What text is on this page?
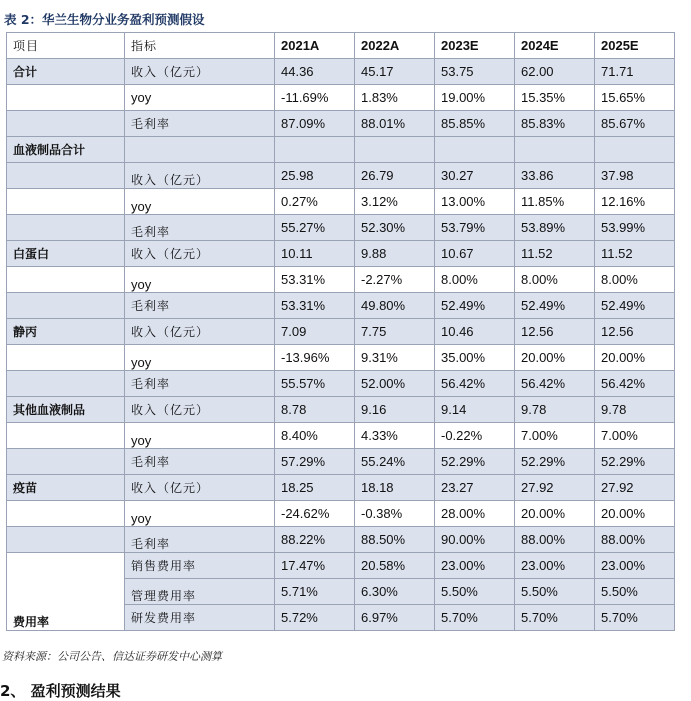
表 2：华兰生物分业务盈利预测假设
项目	指标	2021A	2022A	2023E	2024E	2025E
合计	收入（亿元）	44.36	45.17	53.75	62.00	71.71
	yoy	-11.69%	1.83%	19.00%	15.35%	15.65%
	毛利率	87.09%	88.01%	85.85%	85.83%	85.67%
血液制品合计						
	收入（亿元）	25.98	26.79	30.27	33.86	37.98
	yoy	0.27%	3.12%	13.00%	11.85%	12.16%
	毛利率	55.27%	52.30%	53.79%	53.89%	53.99%
白蛋白	收入（亿元）	10.11	9.88	10.67	11.52	11.52
	yoy	53.31%	-2.27%	8.00%	8.00%	8.00%
	毛利率	53.31%	49.80%	52.49%	52.49%	52.49%
静丙	收入（亿元）	7.09	7.75	10.46	12.56	12.56
	yoy	-13.96%	9.31%	35.00%	20.00%	20.00%
	毛利率	55.57%	52.00%	56.42%	56.42%	56.42%
其他血液制品	收入（亿元）	8.78	9.16	9.14	9.78	9.78
	yoy	8.40%	4.33%	-0.22%	7.00%	7.00%
	毛利率	57.29%	55.24%	52.29%	52.29%	52.29%
疫苗	收入（亿元）	18.25	18.18	23.27	27.92	27.92
	yoy	-24.62%	-0.38%	28.00%	20.00%	20.00%
	毛利率	88.22%	88.50%	90.00%	88.00%	88.00%
费用率	销售费用率	17.47%	20.58%	23.00%	23.00%	23.00%
	管理费用率	5.71%	6.30%	5.50%	5.50%	5.50%
	研发费用率	5.72%	6.97%	5.70%	5.70%	5.70%
资料来源：公司公告、信达证券研发中心测算
2、 盈利预测结果
